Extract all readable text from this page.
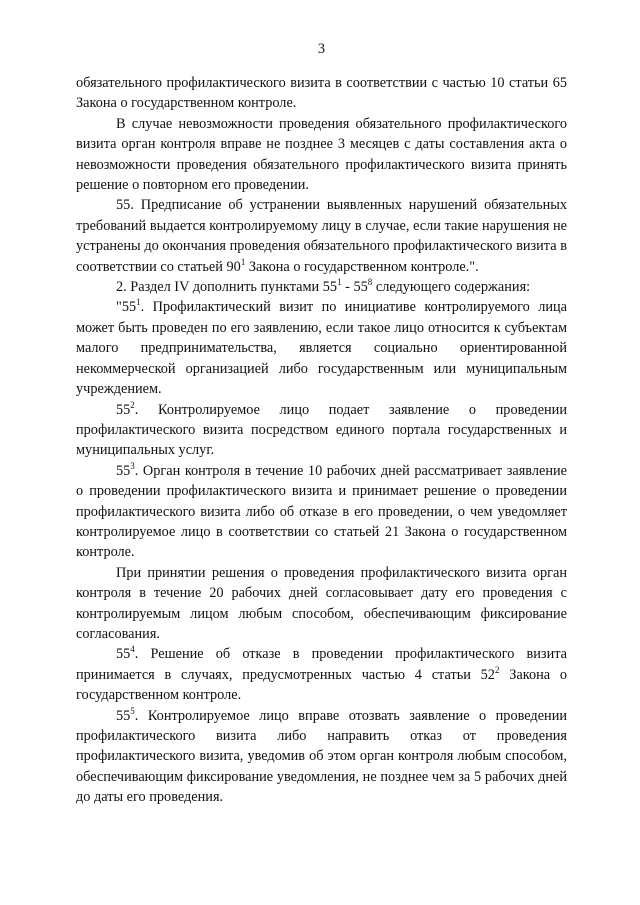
3

обязательного профилактического визита в соответствии с частью 10 статьи 65 Закона о государственном контроле.

В случае невозможности проведения обязательного профилактического визита орган контроля вправе не позднее 3 месяцев с даты составления акта о невозможности проведения обязательного профилактического визита принять решение о повторном его проведении.

55. Предписание об устранении выявленных нарушений обязательных требований выдается контролируемому лицу в случае, если такие нарушения не устранены до окончания проведения обязательного профилактического визита в соответствии со статьей $90^1$ Закона о государственном контроле.".

2. Раздел IV дополнить пунктами $55^1 - 55^8$ следующего содержания:

"$55^1$. Профилактический визит по инициативе контролируемого лица может быть проведен по его заявлению, если такое лицо относится к субъектам малого предпринимательства, является социально ориентированной некоммерческой организацией либо государственным или муниципальным учреждением.

$55^2$. Контролируемое лицо подает заявление о проведении профилактического визита посредством единого портала государственных и муниципальных услуг.

$55^3$. Орган контроля в течение 10 рабочих дней рассматривает заявление о проведении профилактического визита и принимает решение о проведении профилактического визита либо об отказе в его проведении, о чем уведомляет контролируемое лицо в соответствии со статьей 21 Закона о государственном контроле.

При принятии решения о проведения профилактического визита орган контроля в течение 20 рабочих дней согласовывает дату его проведения с контролируемым лицом любым способом, обеспечивающим фиксирование согласования.

$55^4$. Решение об отказе в проведении профилактического визита принимается в случаях, предусмотренных частью 4 статьи $52^2$ Закона о государственном контроле.

$55^5$. Контролируемое лицо вправе отозвать заявление о проведении профилактического визита либо направить отказ от проведения профилактического визита, уведомив об этом орган контроля любым способом, обеспечивающим фиксирование уведомления, не позднее чем за 5 рабочих дней до даты его проведения.
